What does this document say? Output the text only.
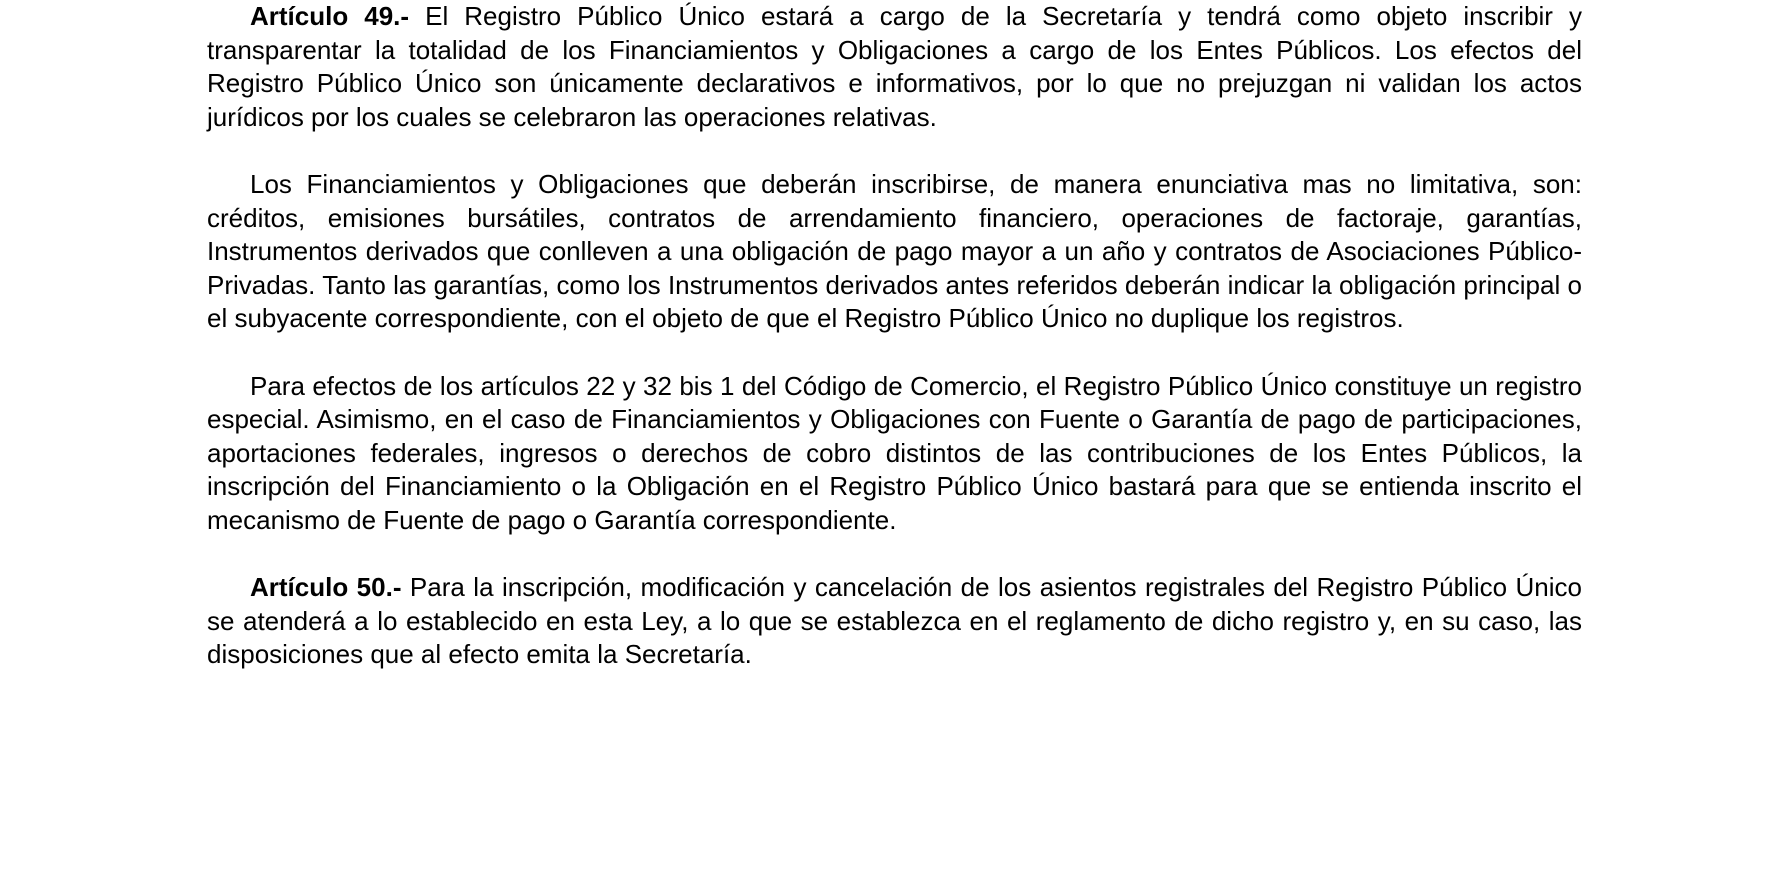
Artículo 49.- El Registro Público Único estará a cargo de la Secretaría y tendrá como objeto inscribir y transparentar la totalidad de los Financiamientos y Obligaciones a cargo de los Entes Públicos. Los efectos del Registro Público Único son únicamente declarativos e informativos, por lo que no prejuzgan ni validan los actos jurídicos por los cuales se celebraron las operaciones relativas.

Los Financiamientos y Obligaciones que deberán inscribirse, de manera enunciativa mas no limitativa, son: créditos, emisiones bursátiles, contratos de arrendamiento financiero, operaciones de factoraje, garantías, Instrumentos derivados que conlleven a una obligación de pago mayor a un año y contratos de Asociaciones Público-Privadas. Tanto las garantías, como los Instrumentos derivados antes referidos deberán indicar la obligación principal o el subyacente correspondiente, con el objeto de que el Registro Público Único no duplique los registros.

Para efectos de los artículos 22 y 32 bis 1 del Código de Comercio, el Registro Público Único constituye un registro especial. Asimismo, en el caso de Financiamientos y Obligaciones con Fuente o Garantía de pago de participaciones, aportaciones federales, ingresos o derechos de cobro distintos de las contribuciones de los Entes Públicos, la inscripción del Financiamiento o la Obligación en el Registro Público Único bastará para que se entienda inscrito el mecanismo de Fuente de pago o Garantía correspondiente.

Artículo 50.- Para la inscripción, modificación y cancelación de los asientos registrales del Registro Público Único se atenderá a lo establecido en esta Ley, a lo que se establezca en el reglamento de dicho registro y, en su caso, las disposiciones que al efecto emita la Secretaría.
